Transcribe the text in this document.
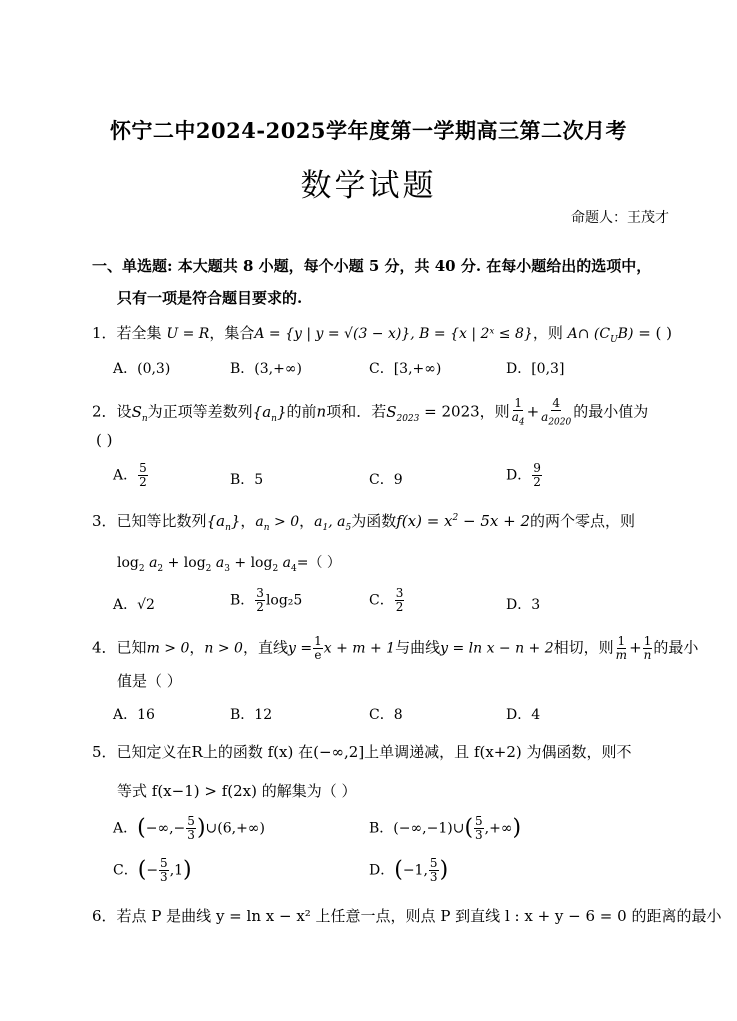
怀宁二中2024-2025学年度第一学期高三第二次月考
数学试题
命题人：王茂才
一、单选题: 本大题共 8 小题，每个小题 5 分，共 40 分. 在每小题给出的选项中，
只有一项是符合题目要求的.
1．若全集 U = R，集合A = {y | y = √(3 − x)}, B = {x | 2ˣ ≤ 8}，则 A∩ $(C_UB)$ = ( )
A．(0,3)	B．(3,+∞)	C．[3,+∞)	D．[0,3]
2．设$S_n$为正项等差数列$\{a_n\}$的前n项和．若$S_{2023} = 2023$，则 $\frac{1}{a_4} + \frac{4}{a_{2020}}$ 的最小值为
( )
A． $\frac{5}{2}$	B．5	C．9	D． $\frac{9}{2}$
3．已知等比数列$\{a_n\}$，$a_n > 0$，$a_1$, $a_5$为函数$f(x) = x^2 - 5x + 2$的两个零点，则
$\log_2 a_2 + \log_2 a_3 + \log_2 a_4=$（ ）
A．√2	B． $\frac{3}{2} \log_25$	C． $\frac{3}{2}$	D．3
4．已知m > 0，n > 0，直线$y = \frac{1}{e}$ x + m + 1与曲线y = ln x − n + 2相切，则 $\frac{1}{m} + \frac{1}{n}$ 的最小
值是（ ）
A．16	B．12	C．8	D．4
5．已知定义在R上的函数 f(x) 在(−∞,2]上单调递减，且 f(x+2) 为偶函数，则不
等式 f(x−1) > f(2x) 的解集为（ ）
A．(−∞,− $\frac{5}{3}$ )∪(6,+∞)	B．(−∞,−1)∪( $\frac{5}{3}$ ,+∞)
C．(− $\frac{5}{3} ,1$)	D．(−1, $\frac{5}{3}$ )
6．若点 P 是曲线 y = ln x − x² 上任意一点，则点 P 到直线 l : x + y − 6 = 0 的距离的最小
